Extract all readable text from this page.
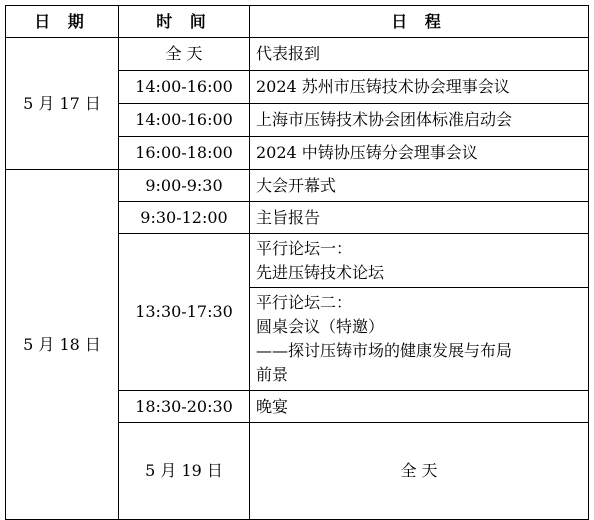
日 期	时 间	日 程	
5 月 17 日	全 天	代表报到	

	14:00-16:00	2024 苏州市压铸技术协会理事会议	

	14:00-16:00	上海市压铸技术协会团体标准启动会	

	16:00-18:00	2024 中铸协压铸分会理事会议	

5 月 18 日	9:00-9:30	大会开幕式	

	9:30-12:00	主旨报告	

	13:30-17:30	平行论坛一：
先进压铸技术论坛	

		平行论坛二：
圆桌会议（特邀）
——探讨压铸市场的健康发展与布局
前景	

	18:30-20:30	晚宴	

	5 月 19 日	全 天	
